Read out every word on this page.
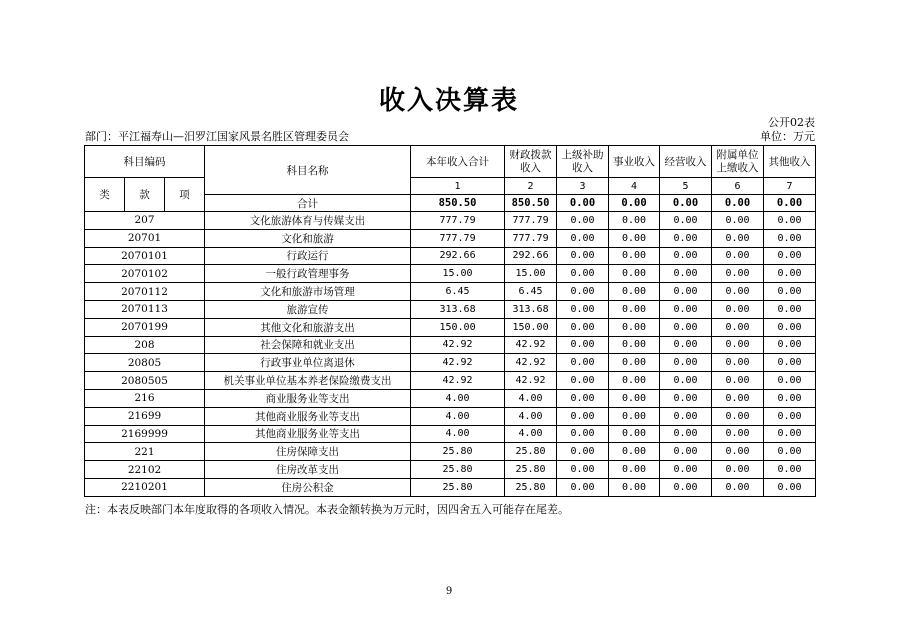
收入决算表
公开02表
部门：平江福寿山—汨罗江国家风景名胜区管理委员会	单位：万元
科目编码			科目名称	本年收入合计	财政拨款收入	上级补助收入	事业收入	经营收入	附属单位上缴收入	其他收入
类	款	项		1	2	3	4	5	6	7
			合计	850.50	850.50	0.00	0.00	0.00	0.00	0.00
207			文化旅游体育与传媒支出	777.79	777.79	0.00	0.00	0.00	0.00	0.00
20701			文化和旅游	777.79	777.79	0.00	0.00	0.00	0.00	0.00
2070101			行政运行	292.66	292.66	0.00	0.00	0.00	0.00	0.00
2070102			一般行政管理事务	15.00	15.00	0.00	0.00	0.00	0.00	0.00
2070112			文化和旅游市场管理	6.45	6.45	0.00	0.00	0.00	0.00	0.00
2070113			旅游宣传	313.68	313.68	0.00	0.00	0.00	0.00	0.00
2070199			其他文化和旅游支出	150.00	150.00	0.00	0.00	0.00	0.00	0.00
208			社会保障和就业支出	42.92	42.92	0.00	0.00	0.00	0.00	0.00
20805			行政事业单位离退休	42.92	42.92	0.00	0.00	0.00	0.00	0.00
2080505			机关事业单位基本养老保险缴费支出	42.92	42.92	0.00	0.00	0.00	0.00	0.00
216			商业服务业等支出	4.00	4.00	0.00	0.00	0.00	0.00	0.00
21699			其他商业服务业等支出	4.00	4.00	0.00	0.00	0.00	0.00	0.00
2169999			其他商业服务业等支出	4.00	4.00	0.00	0.00	0.00	0.00	0.00
221			住房保障支出	25.80	25.80	0.00	0.00	0.00	0.00	0.00
22102			住房改革支出	25.80	25.80	0.00	0.00	0.00	0.00	0.00
2210201			住房公积金	25.80	25.80	0.00	0.00	0.00	0.00	0.00
注：本表反映部门本年度取得的各项收入情况。本表金额转换为万元时，因四舍五入可能存在尾差。
9
